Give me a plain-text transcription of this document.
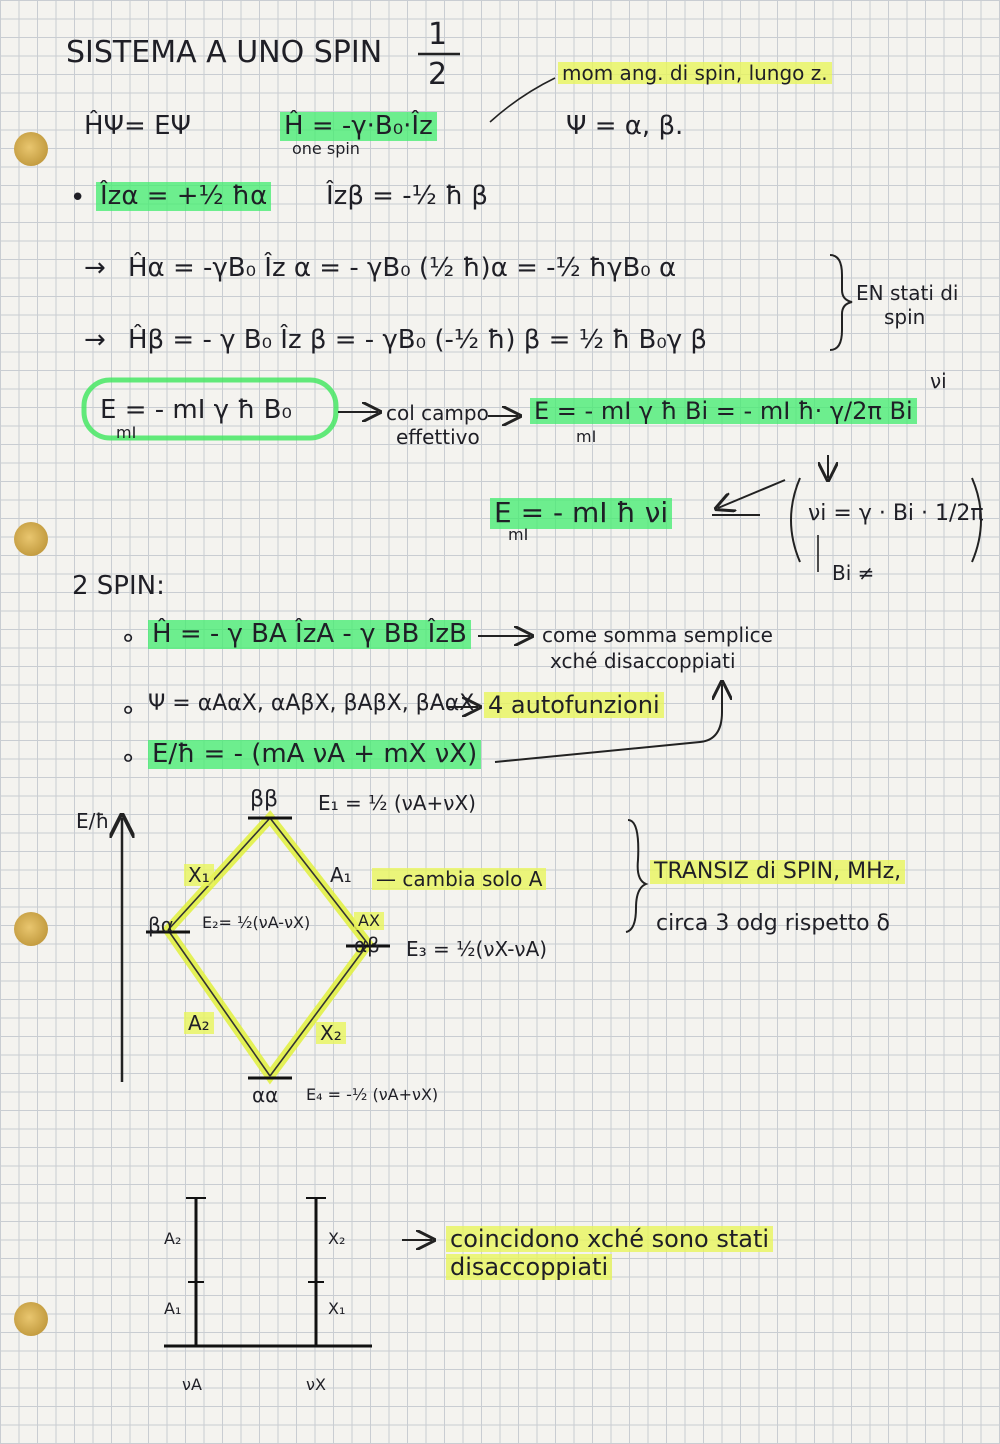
SISTEMA A UNO SPIN
1
2
ĤΨ= EΨ	Ĥ = -γ·B₀·Îz
one spin
Ψ = α, β.
mom ang. di spin, lungo z.
• Îzα = +½ ħα Îzβ = -½ ħ β
→ Ĥα = -γB₀ Îz α = - γB₀ (½ ħ)α = -½ ħγB₀ α
→ Ĥβ = - γ B₀ Îz β = - γB₀ (-½ ħ) β = ½ ħ B₀γ β
EN stati di
spin
E = - mI γ ħ B₀
mI
col campo
effettivo
E = - mI γ ħ Bi = - mI ħ· γ/2π Bi
mI
νi
E = - mI ħ νi
mI
νi = γ · Bi · 1/2π
Bi ≠
2 SPIN:
∘ Ĥ = - γ BA ÎzA - γ BB ÎzB	come somma semplice
xché disaccoppiati
∘ Ψ = αAαX, αAβX, βAβX, βAαX 4 autofunzioni
∘ E/ħ = - (mA νA + mX νX)
E/ħ
ββ E₁ = ½ (νA+νX)
βα E₂= ½(νA-νX)
αβ E₃ = ½(νX-νA)
αα E₄ = -½ (νA+νX)
X₁	A₁ — cambia solo A
AX
A₂	X₂
TRANSIZ di SPIN, MHz,
circa 3 odg rispetto δ
A₂
A₁
X₂
X₁
νA	νX
coincidono xché sono stati
disaccoppiati
